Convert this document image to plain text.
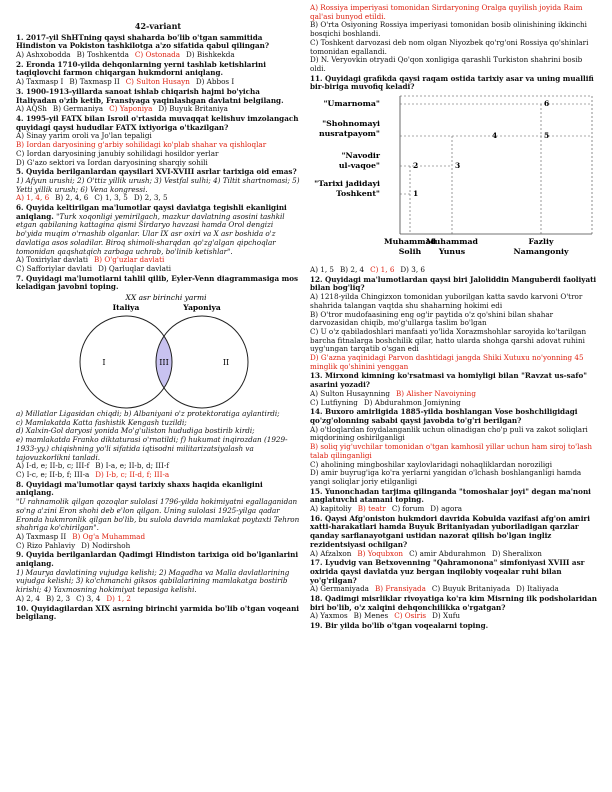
42-variant
1. 2017-yil ShHTning qaysi shaharda bo'lib o'tgan sammitida Hindiston va Pokiston tashkilotga a'zo sifatida qabul qilingan?
A) Ashxobodda B) Toshkentda C) Ostonada D) Bishkekda
2. Eronda 1710-yilda dehqonlarning yerni tashlab ketishlarini taqiqlovchi farmon chiqargan hukmdorni aniqlang.
A) Taxmasp I B) Taxmasp II C) Sulton Husayn D) Abbos I
3. 1900-1913-yillarda sanoat ishlab chiqarish hajmi bo'yicha Italiyadan o'zib ketib, Fransiyaga yaqinlashgan davlatni belgilang.
A) AQSh B) Germaniya C) Yaponiya D) Buyuk Britaniya
4. 1995-yil FATX bilan Isroil o'rtasida muvaqqat kelishuv imzolangach quyidagi qaysi hududlar FATX ixtiyoriga o'tkazilgan?
A) Sinay yarim oroli va Jo'lan tepaligi
B) Iordan daryosining g'arbiy sohilidagi ko'plab shahar va qishloqlar
C) Iordan daryosining janubiy sohilidagi hosildor yerlar
D) G'azo sektori va Iordan daryosining sharqiy sohili
5. Quyida berilganlardan qaysilari XVI-XVIII asrlar tarixiga oid emas?
1) Afyun urushi; 2) O'ttiz yillik urush; 3) Vestfal sulhi; 4) Tiltit shartnomasi; 5) Yetti yillik urush; 6) Vena kongressi.
A) 1, 4, 6 B) 2, 4, 6 C) 1, 3, 5 D) 2, 3, 5
6. Quyida keltirilgan ma'lumotlar qaysi davlatga tegishli ekanligini aniqlang. "Turk xoqonligi yemirilgach, mazkur davlatning asosini tashkil etgan qabilaning kattagina qismi Sirdaryo havzasi hamda Orol dengizi bo'yida muqim o'rnashib olganlar. Ular IX asr oxiri va X asr boshida o'z davlatiga asos soladilar. Biroq shimoli-sharqdan qo'zg'algan qipchoqlar tomonidan qaqshatqich zarbaga uchrab, bo'linib ketishlar".
A) Toxiriylar davlati B) O'g'uzlar davlati
C) Safforiylar davlati D) Qarluqlar davlati
7. Quyidagi ma'lumotlarni tahlil qilib, Eyler-Venn diagrammasiga mos keladigan javobni toping.
XX asr birinchi yarmi
Italiya	Yaponiya
I	III	II
a) Millatlar Ligasidan chiqdi; b) Albaniyani o'z protektoratiga aylantirdi;
c) Mamlakatda Katta fashistik Kengash tuzildi;
d) Xalxin-Gol daryosi yonida Mo'g'uliston hududiga bostirib kirdi;
e) mamlakatda Franko diktaturasi o'rnatildi; f) hukumat inqirozdan (1929-1933-yy.) chiqishning yo'li sifatida iqtisodni militarizatsiyalash va tajovuzkorlikni tanladi.
A) I-d, e; II-b, c; III-f B) I-a, e; II-b, d; III-f
C) I-c, e; II-b, f; III-a D) I-b, c; II-d, f; III-a
8. Quyidagi ma'lumotlar qaysi tarixiy shaxs haqida ekanligini aniqlang.
"U rahnamolik qilgan qozoqlar sulolasi 1796-yilda hokimiyatni egallaganidan so'ng a'zini Eron shohi deb e'lon qilgan. Uning sulolasi 1925-yilga qadar Eronda hukmronlik qilgan bo'lib, bu sulola davrida mamlakat poytaxti Tehron shahriga ko'chirilgan".
A) Taxmasp II B) Og'a Muhammad
C) Rizo Pahlaviy D) Nodirshoh
9. Quyida berilganlardan Qadimgi Hindiston tarixiga oid bo'lganlarini aniqlang.
1) Maurya davlatining vujudga kelishi; 2) Magadha va Malla davlatlarining vujudga kelishi; 3) ko'chmanchi giksos qabilalarining mamlakatga bostirib kirishi; 4) Yaxmosning hokimiyat tepasiga kelishi.
A) 2, 4 B) 2, 3 C) 3, 4 D) 1, 2
10. Quyidagilardan XIX asrning birinchi yarmida bo'lib o'tgan voqeani belgilang.
A) Rossiya imperiyasi tomonidan Sirdaryoning Oralga quyilish joyida Raim qal'asi bunyod etildi.
B) O'rta Osiyoning Rossiya imperiyasi tomonidan bosib olinishining ikkinchi bosqichi boshlandi.
C) Toshkent darvozasi deb nom olgan Niyozbek qo'rg'oni Rossiya qo'shinlari tomonidan egallandi.
D) N. Veryovkin otryadi Qo'qon xonligiga qarashli Turkiston shahrini bosib oldi.
11. Quyidagi grafikda qaysi raqam ostida tarixiy asar va uning muallifi bir-biriga muvofiq keladi?
"Umarnoma"
"Shohnomayi
nusratpayom"
"Navodir
ul-vaqoe"
"Tarixi jadidayi
Toshkent"
Muhammad
Solih
Muhammad
Yunus
Fazliy
Namangoniy
1
2	3
4	5
6
A) 1, 5 B) 2, 4 C) 1, 6 D) 3, 6
12. Quyidagi ma'lumotlardan qaysi biri Jaloliddin Manguberdi faoliyati bilan bog'liq?
A) 1218-yilda Chingizxon tomonidan yuborilgan katta savdo karvoni O'tror shahrida talangan vaqtda shu shaharning hokimi edi
B) O'tror mudofaasining eng og'ir paytida o'z qo'shini bilan shahar darvozasidan chiqib, mo'g'ullarga taslim bo'lgan
C) U o'z qabiladoshlari manfaati yo'lida Xorazmshohlar saroyida ko'tarilgan barcha fitnalarga boshchilik qilar, hatto ularda shohga qarshi adovat ruhini uyg'ungan tarqatib o'sgan edi
D) G'azna yaqinidagi Parvon dashtidagi jangda Shiki Xutuxu no'yonning 45 minglik qo'shinini yenggan
13. Mirxond kimning ko'rsatmasi va homiyligi bilan "Ravzat us-safo" asarini yozadi?
A) Sulton Husaynning B) Alisher Navoiyning
C) Lutfiyning D) Abdurahmon Jomiyning
14. Buxoro amirligida 1885-yilda boshlangan Vose boshchiligidagi qo'zg'olonning sababi qaysi javobda to'g'ri berilgan?
A) o'tloqlardan foydalanganlik uchun olinadigan cho'p puli va zakot soliqlari miqdorining oshirilganligi
B) soliq yig'uvchilar tomonidan o'tgan kamhosil yillar uchun ham siroj to'lash talab qilinganligi
C) aholining mingboshilar xaylovlaridagi nohaqliklardan noroziligi
D) amir buyrug'iga ko'ra yerlarni yangidan o'lchash boshlanganligi hamda yangi soliqlar joriy etilganligi
15. Yunonchadan tarjima qilinganda "tomoshalar joyi" degan ma'noni anglatuvchi atamani toping.
A) kapitoliy B) teatr C) forum D) agora
16. Qaysi Afg'oniston hukmdori davrida Kobulda vazifasi afg'on amiri xatti-harakatlari hamda Buyuk Britaniyadan yuboriladigan qarzlar qanday sarflanayotgani ustidan nazorat qilish bo'lgan ingliz rezidentsiyasi ochilgan?
A) Afzalxon B) Yoqubxon C) amir Abdurahmon D) Sheralixon
17. Lyudvig van Betxovenning "Qahramonona" simfoniyasi XVIII asr oxirida qaysi davlatda yuz bergan inqilobiy voqealar ruhi bilan yo'g'rilgan?
A) Germaniyada B) Fransiyada C) Buyuk Britaniyada D) Italiyada
18. Qadimgi misrliklar rivoyatiga ko'ra kim Misrning ilk podsholaridan biri bo'lib, o'z xalqini dehqonchilikka o'rgatgan?
A) Yaxmos B) Menes C) Osiris D) Xufu
19. Bir yilda bo'lib o'tgan voqealarni toping.
